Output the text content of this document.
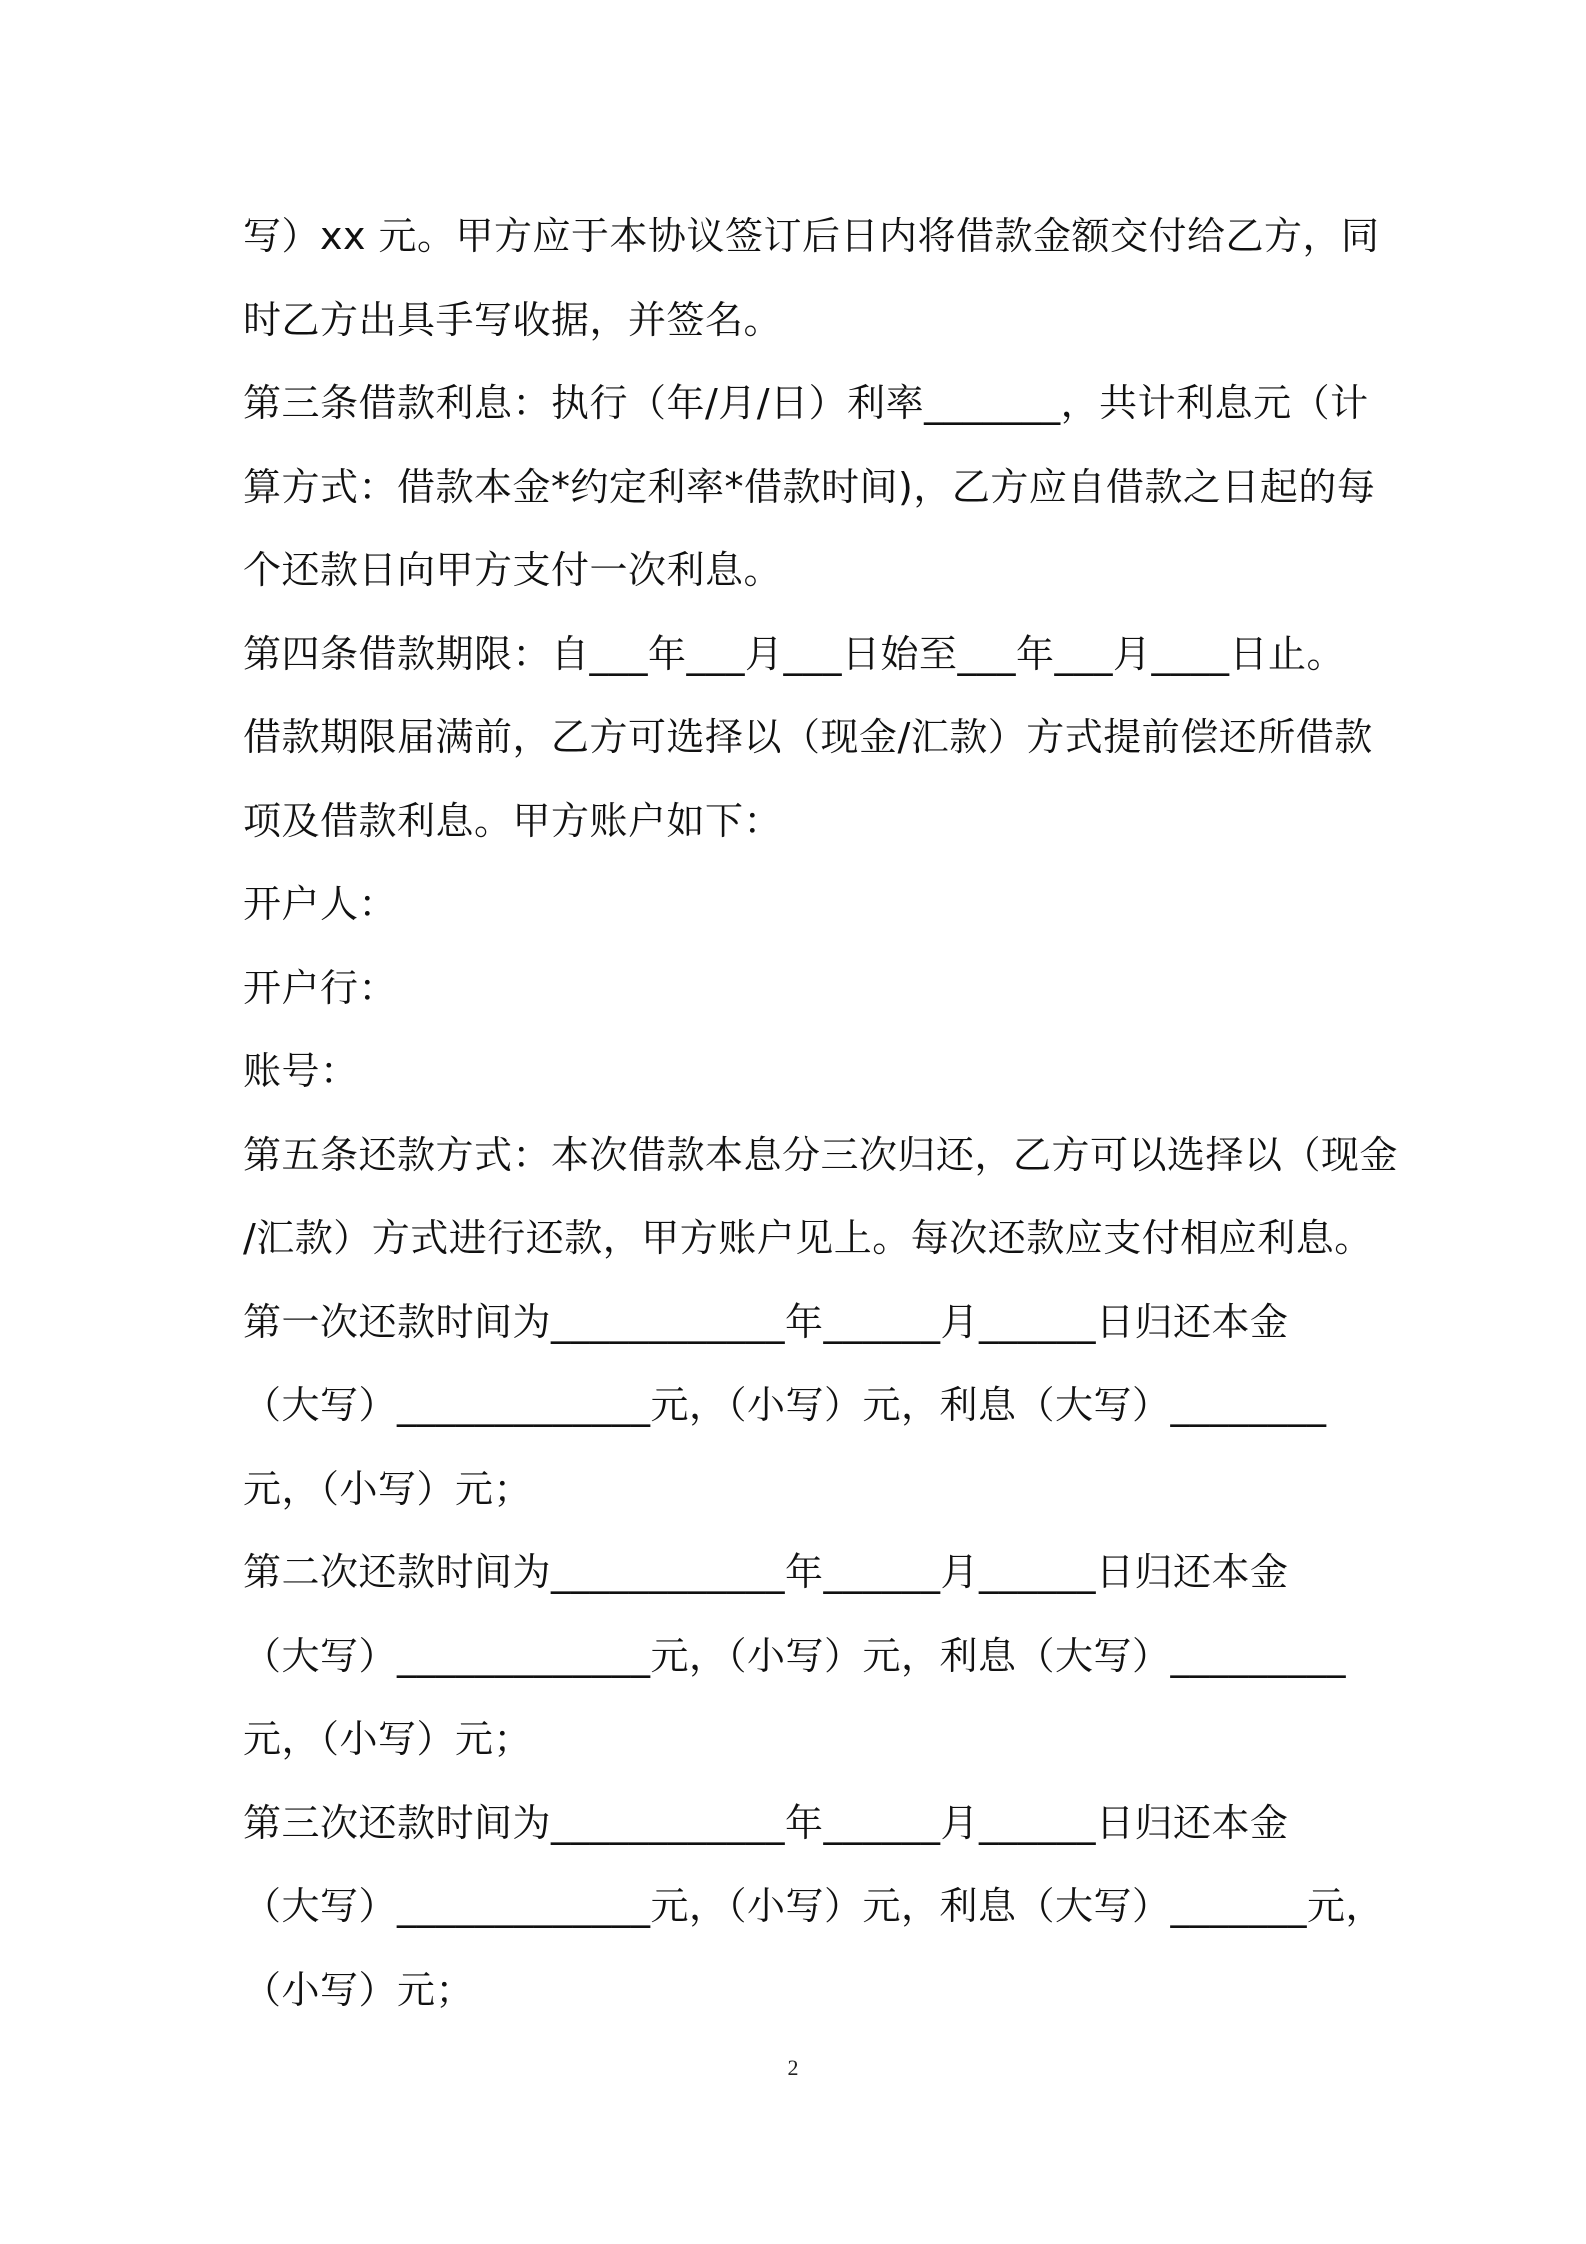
写）xx 元。甲方应于本协议签订后日内将借款金额交付给乙方，同
时乙方出具手写收据，并签名。
第三条借款利息：执行（年/月/日）利率_______，共计利息元（计
算方式：借款本金*约定利率*借款时间)，乙方应自借款之日起的每
个还款日向甲方支付一次利息。
第四条借款期限：自___年___月___日始至___年___月____日止。
借款期限届满前，乙方可选择以（现金/汇款）方式提前偿还所借款
项及借款利息。甲方账户如下：
开户人：
开户行：
账号：
第五条还款方式：本次借款本息分三次归还，乙方可以选择以（现金
/汇款）方式进行还款，甲方账户见上。每次还款应支付相应利息。
第一次还款时间为____________年______月______日归还本金
（大写）_____________元，（小写）元，利息（大写）________
元，（小写）元；
第二次还款时间为____________年______月______日归还本金
（大写）_____________元，（小写）元，利息（大写）_________
元，（小写）元；
第三次还款时间为____________年______月______日归还本金
（大写）_____________元，（小写）元，利息（大写）_______元，
（小写）元；
2
